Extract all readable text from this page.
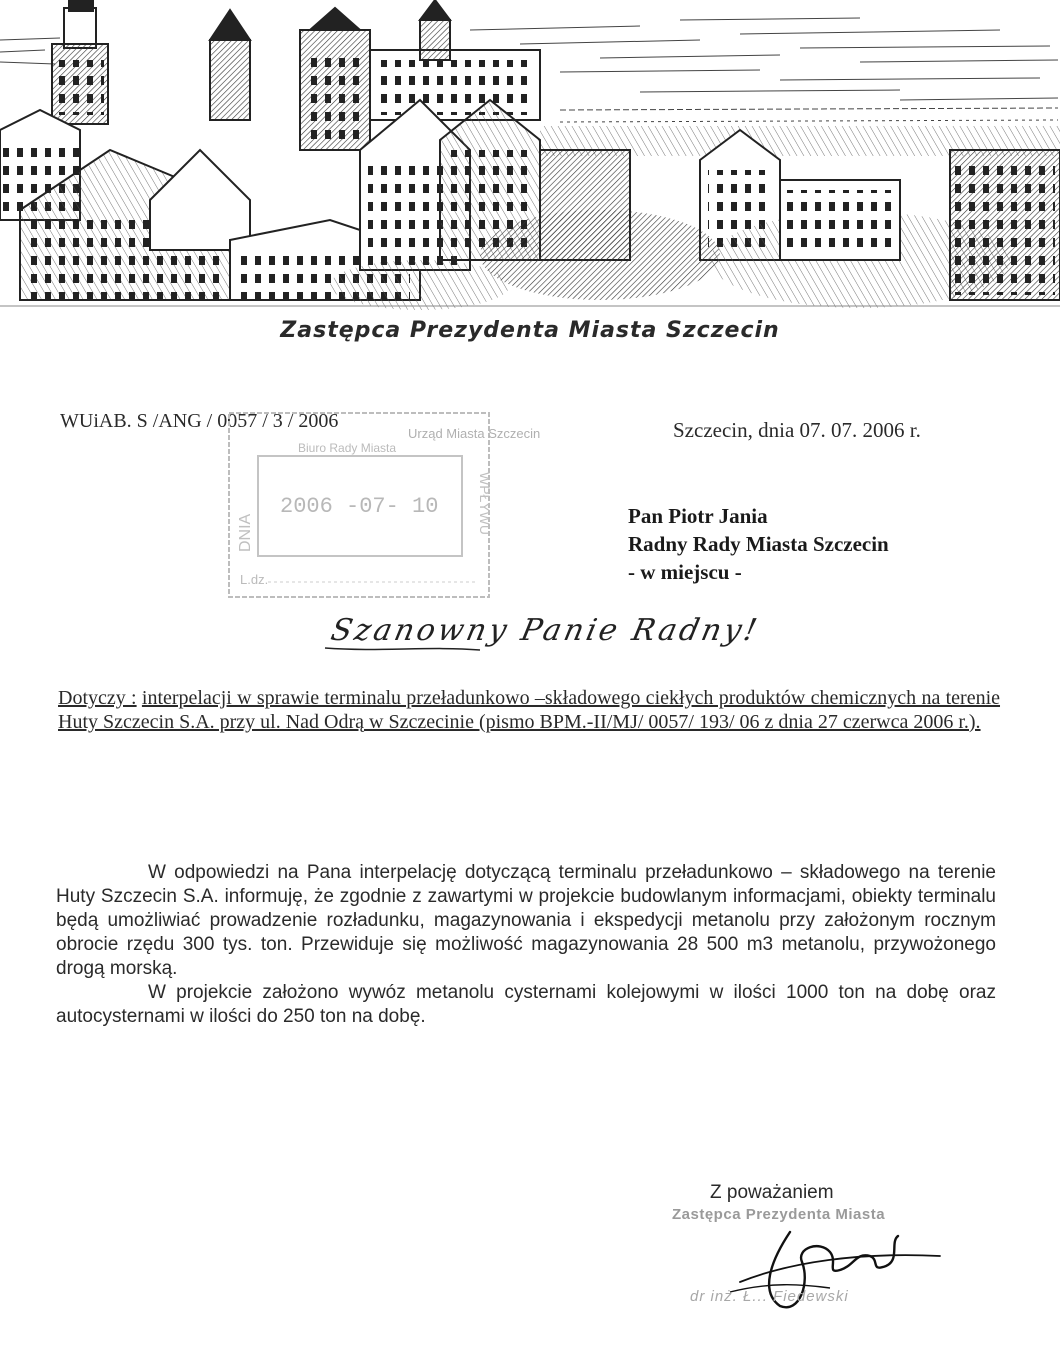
Zastępca Prezydenta Miasta Szczecin
WUiAB. S /ANG / 0057 / 3 / 2006	Szczecin, dnia 07. 07. 2006 r.
Urząd Miasta Szczecin
Biuro Rady Miasta
2006 -07- 10
DNIA	WPŁYWU
L.dz.
Pan Piotr Jania
Radny Rady Miasta Szczecin
- w miejscu -
Szanowny Panie Radny!
Dotyczy : interpelacji w sprawie terminalu przeładunkowo –składowego ciekłych produktów chemicznych na terenie Huty Szczecin S.A. przy ul. Nad Odrą w Szczecinie (pismo BPM.-II/MJ/ 0057/ 193/ 06 z dnia 27 czerwca 2006 r.).

W odpowiedzi na Pana interpelację dotyczącą terminalu przeładunkowo – składowego na terenie Huty Szczecin S.A. informuję, że zgodnie z zawartymi w projekcie budowlanym informacjami, obiekty terminalu będą umożliwiać prowadzenie rozładunku, magazynowania i ekspedycji metanolu przy założonym rocznym obrocie rzędu 300 tys. ton. Przewiduje się możliwość magazynowania 28 500 m3 metanolu, przywożonego drogą morską.

W projekcie założono wywóz metanolu cysternami kolejowymi w ilości 1000 ton na dobę oraz autocysternami w ilości do 250 ton na dobę.

Z poważaniem
Zastępca Prezydenta Miasta
dr inż. Ł... Fiedewski
